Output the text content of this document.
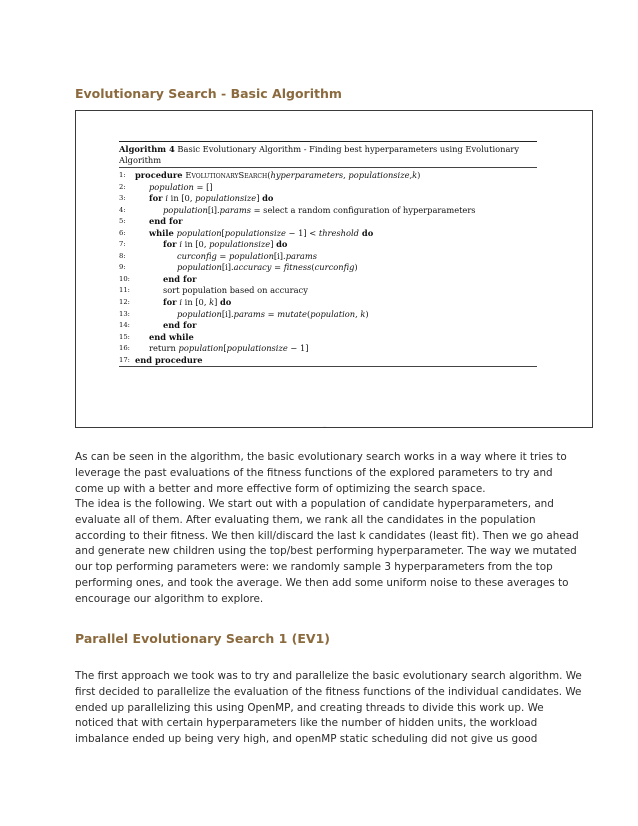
Evolutionary Search - Basic Algorithm
Algorithm 4 Basic Evolutionary Algorithm - Finding best hyperparameters using Evolutionary
Algorithm
1:	procedure EvolutionarySearch(hyperparameters, populationsize,k)
2:	population = []
3:	for i in [0, populationsize] do
4:	population[i].params = select a random configuration of hyperparameters
5:	end for
6:	while population[populationsize − 1] < threshold do
7:	for i in [0, populationsize] do
8:	curconfig = population[i].params
9:	population[i].accuracy = fitness(curconfig)
10:	end for
11:	sort population based on accuracy
12:	for i in [0, k] do
13:	population[i].params = mutate(population, k)
14:	end for
15:	end while
16:	return population[populationsize − 1]
17: end procedure
-
As can be seen in the algorithm, the basic evolutionary search works in a way where it tries to
leverage the past evaluations of the fitness functions of the explored parameters to try and
come up with a better and more effective form of optimizing the search space.
The idea is the following. We start out with a population of candidate hyperparameters, and
evaluate all of them. After evaluating them, we rank all the candidates in the population
according to their fitness. We then kill/discard the last k candidates (least fit). Then we go ahead
and generate new children using the top/best performing hyperparameter. The way we mutated
our top performing parameters were: we randomly sample 3 hyperparameters from the top
performing ones, and took the average. We then add some uniform noise to these averages to
encourage our algorithm to explore.
Parallel Evolutionary Search 1 (EV1)
The first approach we took was to try and parallelize the basic evolutionary search algorithm. We
first decided to parallelize the evaluation of the fitness functions of the individual candidates. We
ended up parallelizing this using OpenMP, and creating threads to divide this work up. We
noticed that with certain hyperparameters like the number of hidden units, the workload
imbalance ended up being very high, and openMP static scheduling did not give us good
